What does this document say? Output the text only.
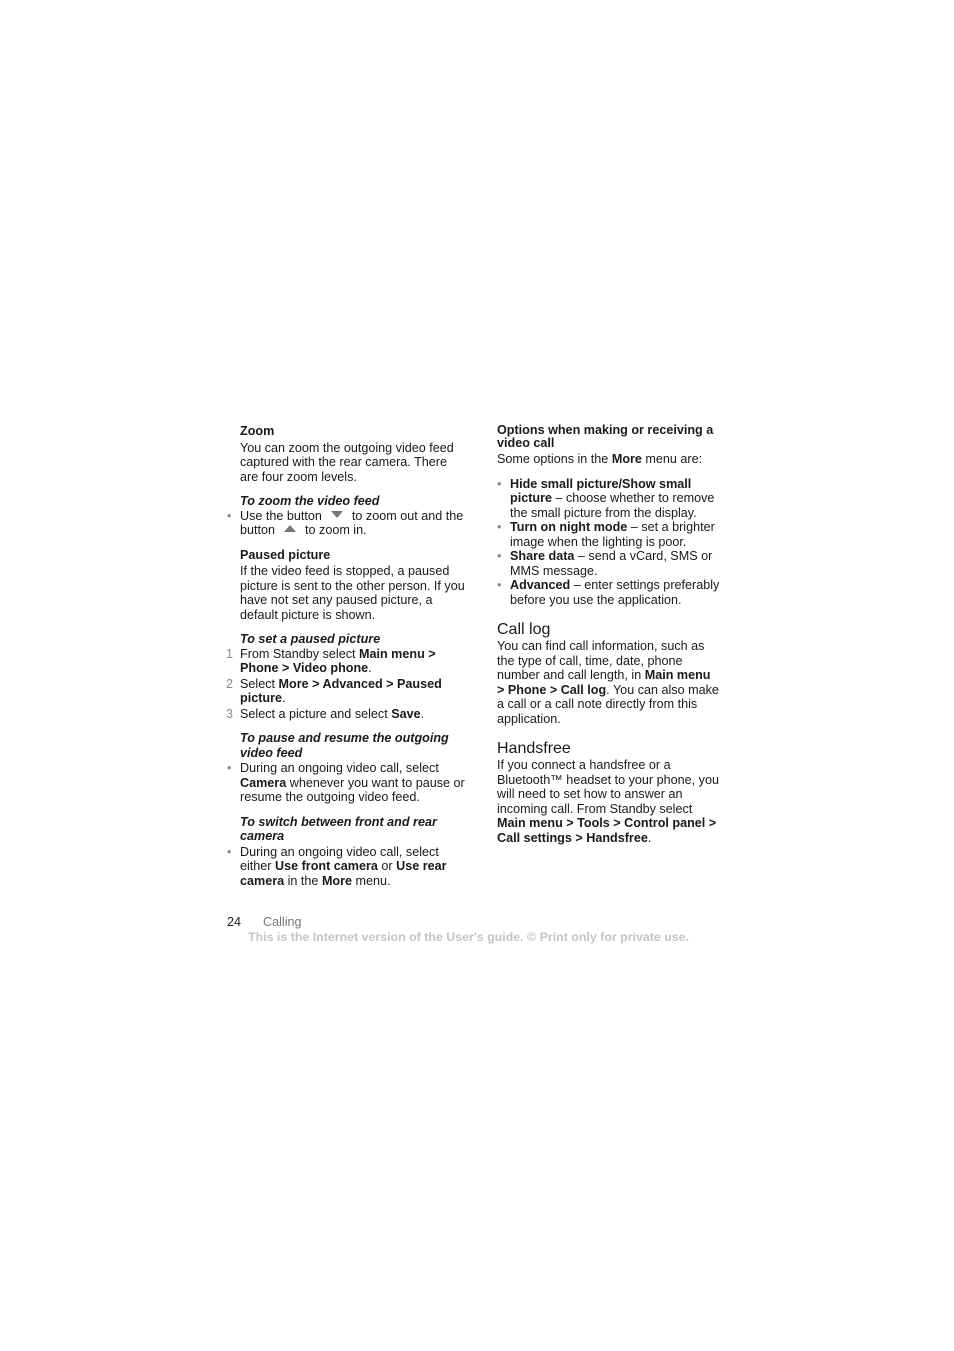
Zoom

You can zoom the outgoing video feed captured with the rear camera. There are four zoom levels.

To zoom the video feed

• Use the button to zoom out and the button to zoom in.

Paused picture

If the video feed is stopped, a paused picture is sent to the other person. If you have not set any paused picture, a default picture is shown.

To set a paused picture

1 From Standby select Main menu > Phone > Video phone.
2 Select More > Advanced > Paused picture.
3 Select a picture and select Save.

To pause and resume the outgoing video feed

• During an ongoing video call, select Camera whenever you want to pause or resume the outgoing video feed.

To switch between front and rear camera

• During an ongoing video call, select either Use front camera or Use rear camera in the More menu.

Options when making or receiving a video call

Some options in the More menu are:

• Hide small picture/Show small picture – choose whether to remove the small picture from the display.
• Turn on night mode – set a brighter image when the lighting is poor.
• Share data – send a vCard, SMS or MMS message.
• Advanced – enter settings preferably before you use the application.

Call log

You can find call information, such as the type of call, time, date, phone number and call length, in Main menu > Phone > Call log. You can also make a call or a call note directly from this application.

Handsfree

If you connect a handsfree or a Bluetooth™ headset to your phone, you will need to set how to answer an incoming call. From Standby select Main menu > Tools > Control panel > Call settings > Handsfree.

24 Calling
This is the Internet version of the User's guide. © Print only for private use.
